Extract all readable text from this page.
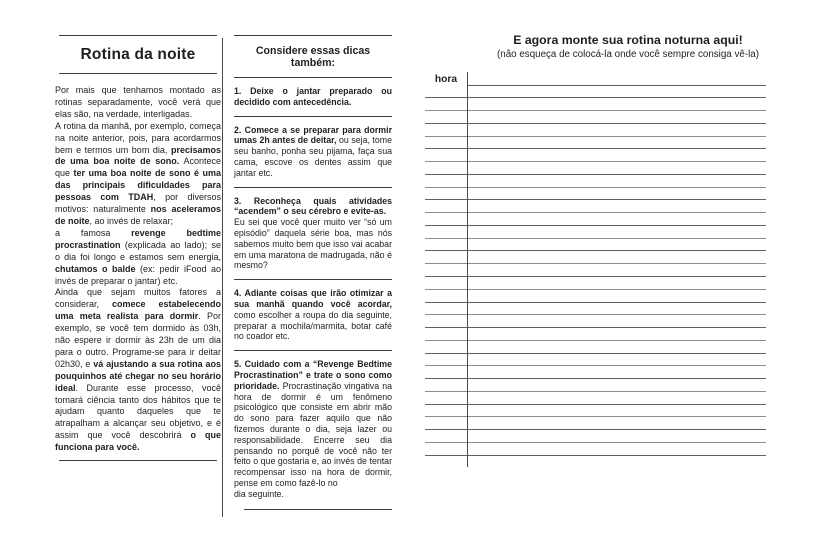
Rotina da noite

Por mais que tenhamos montado as rotinas separadamente, você verá que elas são, na verdade, interligadas.

A rotina da manhã, por exemplo, começa na noite anterior, pois, para acordarmos bem e termos um bom dia, precisamos de uma boa noite de sono. Acontece que ter uma boa noite de sono é uma das principais dificuldades para pessoas com TDAH, por diversos motivos: naturalmente nos aceleramos de noite, ao invés de relaxar;

a famosa revenge bedtime procrastination (explicada ao lado); se o dia foi longo e estamos sem energia, chutamos o balde (ex: pedir iFood ao invés de preparar o jantar) etc.

Ainda que sejam muitos fatores a considerar, comece estabelecendo uma meta realista para dormir. Por exemplo, se você tem dormido às 03h, não espere ir dormir às 23h de um dia para o outro. Programe-se para ir deitar 02h30, e vá ajustando a sua rotina aos pouquinhos até chegar no seu horário ideal. Durante esse processo, você tomará ciência tanto dos hábitos que te ajudam quanto daqueles que te atrapalham a alcançar seu objetivo, e é assim que você descobrirá o que funciona para você.

Considere essas dicas também:
1. Deixe o jantar preparado ou decidido com antecedência.
2. Comece a se preparar para dormir umas 2h antes de deitar, ou seja, tome seu banho, ponha seu pijama, faça sua cama, escove os dentes assim que jantar etc.
3. Reconheça quais atividades “acendem” o seu cérebro e evite-as.
Eu sei que você quer muito ver “só um episódio” daquela série boa, mas nós sabemos muito bem que isso vai acabar em uma maratona de madrugada, não é mesmo?
4. Adiante coisas que irão otimizar a sua manhã quando você acordar, como escolher a roupa do dia seguinte, preparar a mochila/marmita, botar café no coador etc.
5. Cuidado com a “Revenge Bedtime Procrastination” e trate o sono como prioridade. Procrastinação vingativa na hora de dormir é um fenômeno psicológico que consiste em abrir mão do sono para fazer aquilo que não fizemos durante o dia, seja lazer ou responsabilidade. Encerre seu dia pensando no porquê de você não ter feito o que gostaria e, ao invés de tentar recompensar isso na hora de dormir, pense em como fazê-lo no
dia seguinte.
E agora monte sua rotina noturna aqui!
(não esqueça de colocá-la onde você sempre consiga vê-la)
hora
